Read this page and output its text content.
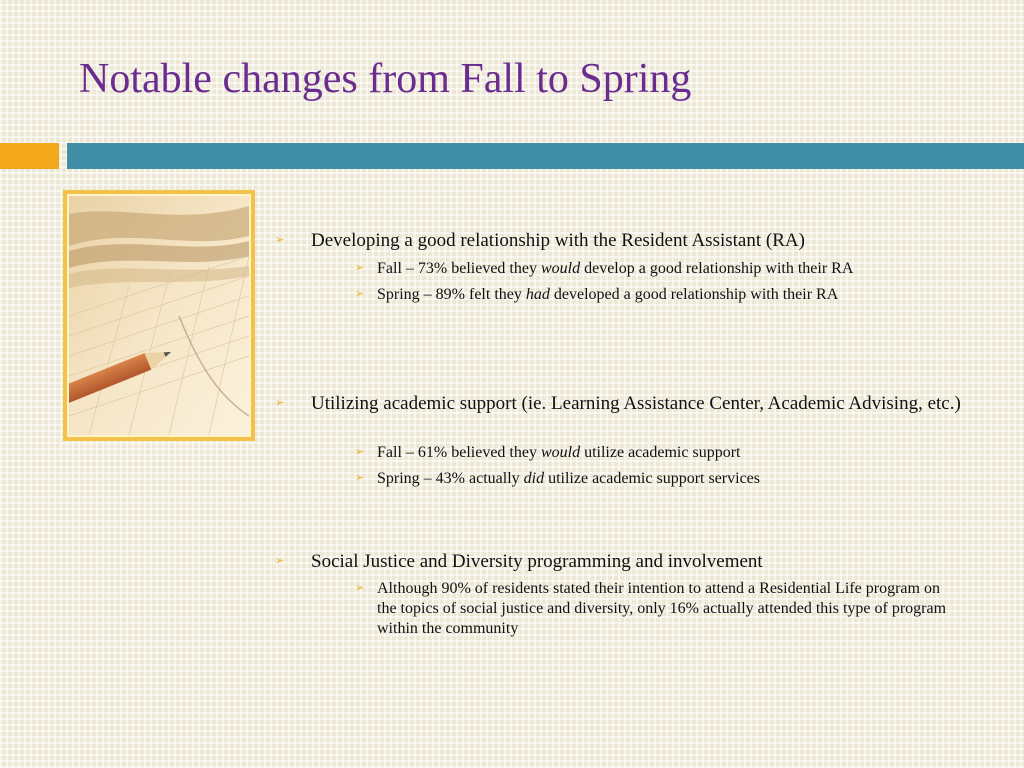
Notable changes from Fall to Spring
➢ Developing a good relationship with the Resident Assistant (RA)
➢ Fall – 73% believed they would develop a good relationship with their RA
➢ Spring – 89% felt they had developed a good relationship with their RA
➢ Utilizing academic support (ie. Learning Assistance Center, Academic Advising, etc.)
➢ Fall – 61% believed they would utilize academic support
➢ Spring – 43% actually did utilize academic support services
➢ Social Justice and Diversity programming and involvement
➢ Although 90% of residents stated their intention to attend a Residential Life program on the topics of social justice and diversity, only 16% actually attended this type of program within the community
